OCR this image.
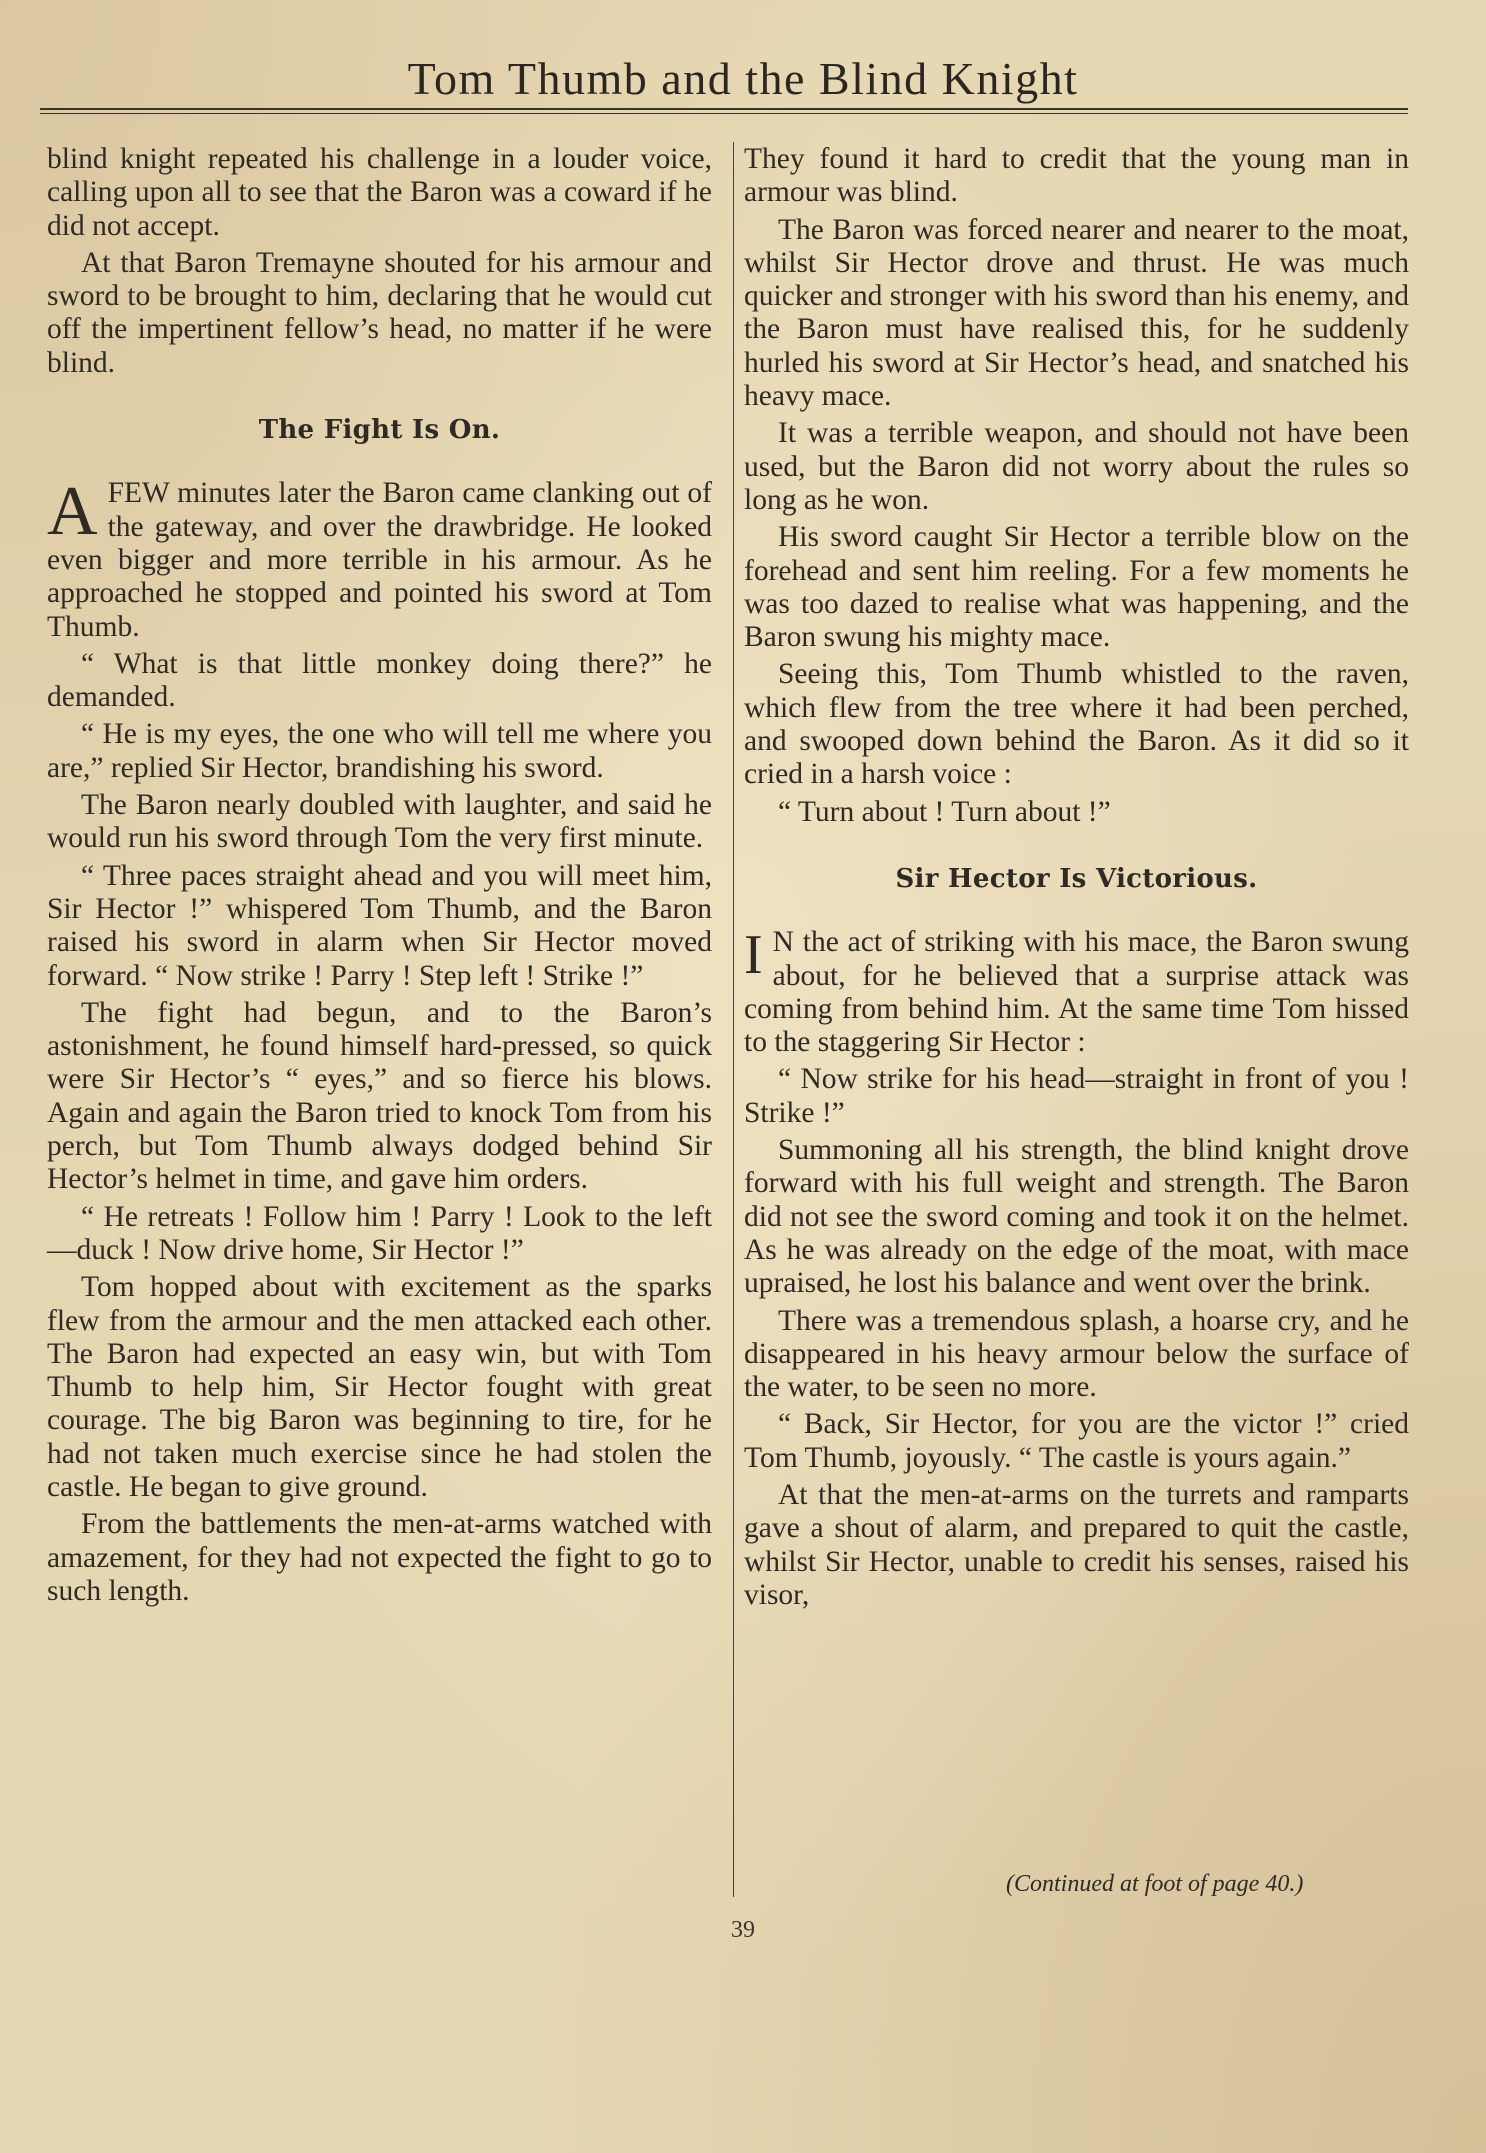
Tom Thumb and the Blind Knight

blind knight repeated his challenge in a louder voice, calling upon all to see that the Baron was a coward if he did not accept.

At that Baron Tremayne shouted for his armour and sword to be brought to him, declaring that he would cut off the impertinent fellow’s head, no matter if he were blind.

The Fight Is On.

AFEW minutes later the Baron came clanking out of the gateway, and over the drawbridge. He looked even bigger and more terrible in his armour. As he approached he stopped and pointed his sword at Tom Thumb.

“ What is that little monkey doing there?” he demanded.

“ He is my eyes, the one who will tell me where you are,” replied Sir Hector, brandishing his sword.

The Baron nearly doubled with laughter, and said he would run his sword through Tom the very first minute.

“ Three paces straight ahead and you will meet him, Sir Hector !” whispered Tom Thumb, and the Baron raised his sword in alarm when Sir Hector moved forward. “ Now strike ! Parry ! Step left ! Strike !”

The fight had begun, and to the Baron’s astonishment, he found himself hard-pressed, so quick were Sir Hector’s “ eyes,” and so fierce his blows. Again and again the Baron tried to knock Tom from his perch, but Tom Thumb always dodged behind Sir Hector’s helmet in time, and gave him orders.

“ He retreats ! Follow him ! Parry ! Look to the left—duck ! Now drive home, Sir Hector !”

Tom hopped about with excitement as the sparks flew from the armour and the men attacked each other. The Baron had expected an easy win, but with Tom Thumb to help him, Sir Hector fought with great courage. The big Baron was beginning to tire, for he had not taken much exercise since he had stolen the castle. He began to give ground.

From the battlements the men-at-arms watched with amazement, for they had not expected the fight to go to such length.

They found it hard to credit that the young man in armour was blind.

The Baron was forced nearer and nearer to the moat, whilst Sir Hector drove and thrust. He was much quicker and stronger with his sword than his enemy, and the Baron must have realised this, for he suddenly hurled his sword at Sir Hector’s head, and snatched his heavy mace.

It was a terrible weapon, and should not have been used, but the Baron did not worry about the rules so long as he won.

His sword caught Sir Hector a terrible blow on the forehead and sent him reeling. For a few moments he was too dazed to realise what was happening, and the Baron swung his mighty mace.

Seeing this, Tom Thumb whistled to the raven, which flew from the tree where it had been perched, and swooped down behind the Baron. As it did so it cried in a harsh voice :

“ Turn about ! Turn about !”

Sir Hector Is Victorious.

I N the act of striking with his mace, the Baron swung about, for he believed that a surprise attack was coming from behind him. At the same time Tom hissed to the staggering Sir Hector :

“ Now strike for his head—straight in front of you ! Strike !”

Summoning all his strength, the blind knight drove forward with his full weight and strength. The Baron did not see the sword coming and took it on the helmet. As he was already on the edge of the moat, with mace upraised, he lost his balance and went over the brink.

There was a tremendous splash, a hoarse cry, and he disappeared in his heavy armour below the surface of the water, to be seen no more.

“ Back, Sir Hector, for you are the victor !” cried Tom Thumb, joyously. “ The castle is yours again.”

At that the men-at-arms on the turrets and ramparts gave a shout of alarm, and prepared to quit the castle, whilst Sir Hector, unable to credit his senses, raised his visor,

(Continued at foot of page 40.)

39
